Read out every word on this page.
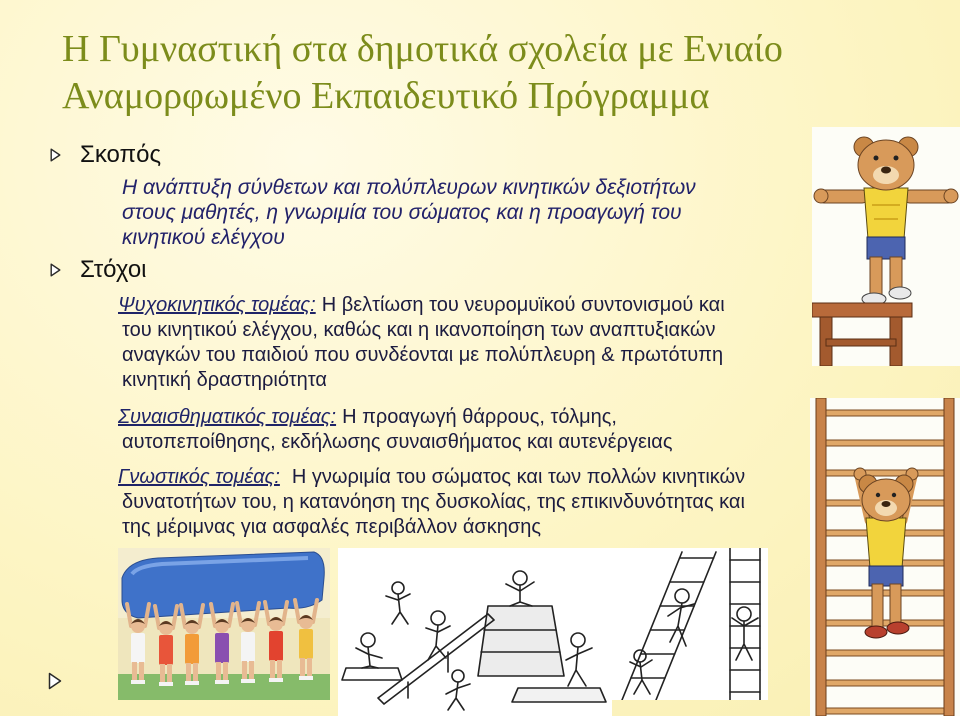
Η Γυμναστική στα δημοτικά σχολεία με Ενιαίο
Αναμορφωμένο Εκπαιδευτικό Πρόγραμμα
Σκοπός
Η ανάπτυξη σύνθετων και πολύπλευρων κινητικών δεξιοτήτων
στους μαθητές, η γνωριμία του σώματος και η προαγωγή του
κινητικού ελέγχου
Στόχοι
Ψυχοκινητικός τομέας: Η βελτίωση του νευρομυϊκού συντονισμού και
του κινητικού ελέγχου, καθώς και η ικανοποίηση των αναπτυξιακών
αναγκών του παιδιού που συνδέονται με πολύπλευρη & πρωτότυπη
κινητική δραστηριότητα
Συναισθηματικός τομέας: Η προαγωγή θάρρους, τόλμης,
αυτοπεποίθησης, εκδήλωσης συναισθήματος και αυτενέργειας
Γνωστικός τομέας: Η γνωριμία του σώματος και των πολλών κινητικών
δυνατοτήτων του, η κατανόηση της δυσκολίας, της επικινδυνότητας και
της μέριμνας για ασφαλές περιβάλλον άσκησης
